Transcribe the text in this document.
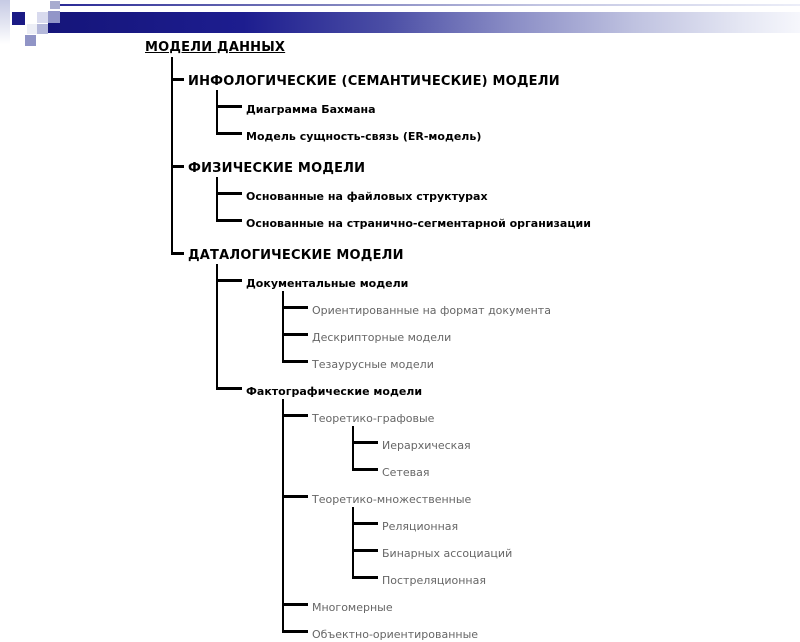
МОДЕЛИ ДАННЫХ
ИНФОЛОГИЧЕСКИЕ (СЕМАНТИЧЕСКИЕ) МОДЕЛИ
Диаграмма Бахмана
Модель сущность-связь (ER-модель)
ФИЗИЧЕСКИЕ МОДЕЛИ
Основанные на файловых структурах
Основанные на странично-сегментарной организации
ДАТАЛОГИЧЕСКИЕ МОДЕЛИ
Документальные модели
Ориентированные на формат документа
Дескрипторные модели
Тезаурусные модели
Фактографические модели
Теоретико-графовые
Иерархическая
Сетевая
Теоретико-множественные
Реляционная
Бинарных ассоциаций
Постреляционная
Многомерные
Объектно-ориентированные
